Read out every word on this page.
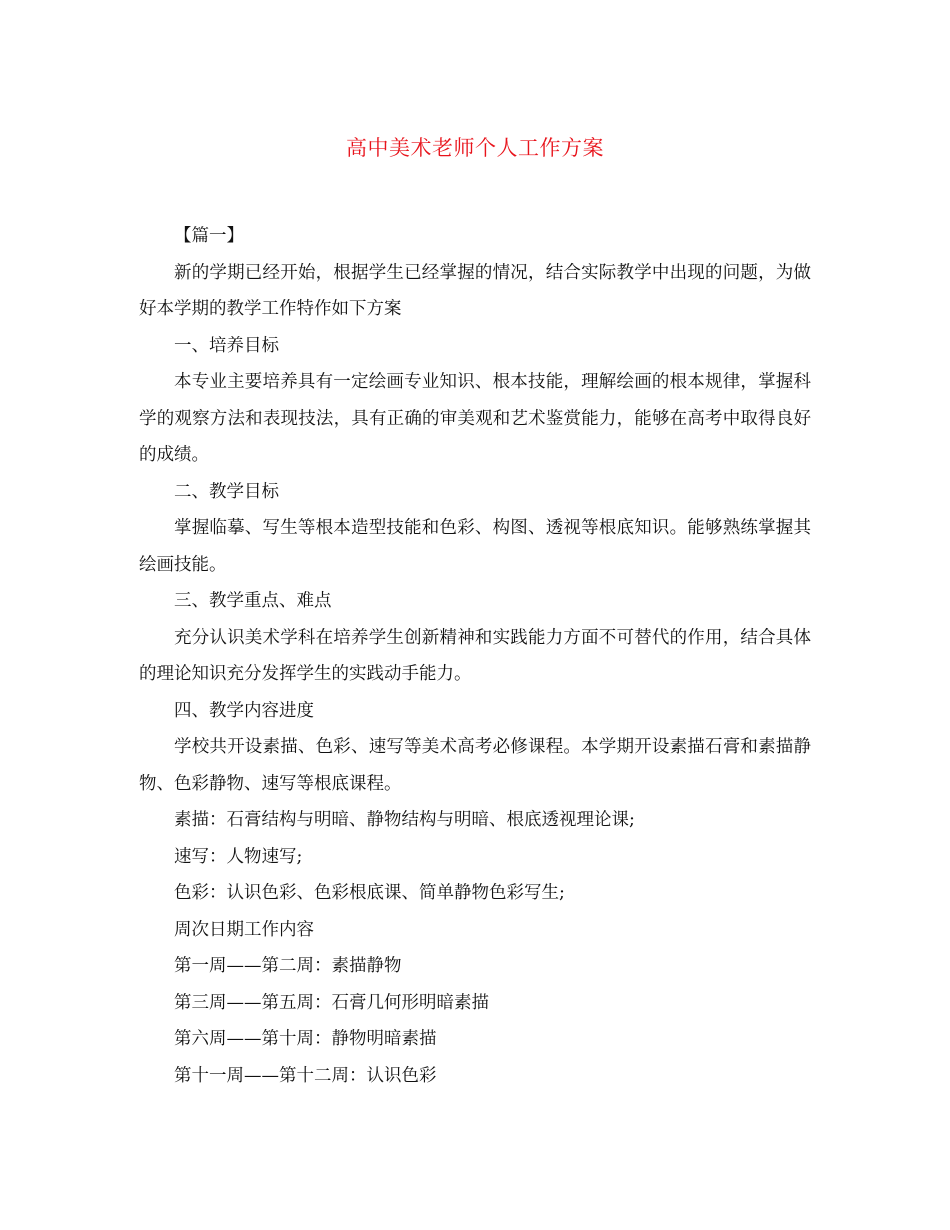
高中美术老师个人工作方案

【篇一】

新的学期已经开始，根据学生已经掌握的情况，结合实际教学中出现的问题，为做好本学期的教学工作特作如下方案

一、培养目标

本专业主要培养具有一定绘画专业知识、根本技能，理解绘画的根本规律，掌握科学的观察方法和表现技法，具有正确的审美观和艺术鉴赏能力，能够在高考中取得良好的成绩。

二、教学目标

掌握临摹、写生等根本造型技能和色彩、构图、透视等根底知识。能够熟练掌握其绘画技能。

三、教学重点、难点

充分认识美术学科在培养学生创新精神和实践能力方面不可替代的作用，结合具体的理论知识充分发挥学生的实践动手能力。

四、教学内容进度

学校共开设素描、色彩、速写等美术高考必修课程。本学期开设素描石膏和素描静物、色彩静物、速写等根底课程。

素描：石膏结构与明暗、静物结构与明暗、根底透视理论课;

速写：人物速写;

色彩：认识色彩、色彩根底课、简单静物色彩写生;

周次日期工作内容

第一周——第二周：素描静物

第三周——第五周：石膏几何形明暗素描

第六周——第十周：静物明暗素描

第十一周——第十二周：认识色彩
